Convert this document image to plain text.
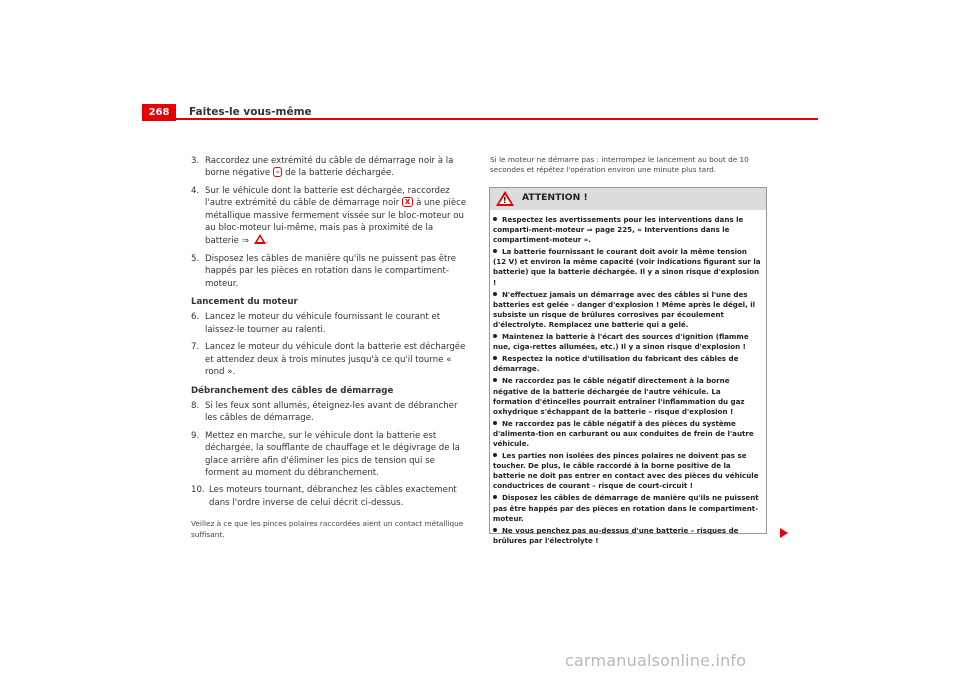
268	Faites-le vous-même
3. Raccordez une extrémité du câble de démarrage noir à la borne négative – de la batterie déchargée.
4. Sur le véhicule dont la batterie est déchargée, raccordez l'autre extrémité du câble de démarrage noir X à une pièce métallique massive fermement vissée sur le bloc-moteur ou au bloc-moteur lui-même, mais pas à proximité de la batterie ⇒ .
5. Disposez les câbles de manière qu'ils ne puissent pas être happés par les pièces en rotation dans le compartiment-moteur.
Lancement du moteur
6. Lancez le moteur du véhicule fournissant le courant et laissez-le tourner au ralenti.
7. Lancez le moteur du véhicule dont la batterie est déchargée et attendez deux à trois minutes jusqu'à ce qu'il tourne « rond ».
Débranchement des câbles de démarrage
8. Si les feux sont allumés, éteignez-les avant de débrancher les câbles de démarrage.
9. Mettez en marche, sur le véhicule dont la batterie est déchargée, la soufflante de chauffage et le dégivrage de la glace arrière afin d'éliminer les pics de tension qui se forment au moment du débranchement.
10. Les moteurs tournant, débranchez les câbles exactement dans l'ordre inverse de celui décrit ci-dessus.
Veillez à ce que les pinces polaires raccordées aient un contact métallique suffisant.
Si le moteur ne démarre pas : interrompez le lancement au bout de 10 secondes et répétez l'opération environ une minute plus tard.
! ATTENTION !
Respectez les avertissements pour les interventions dans le comparti-ment-moteur ⇒ page 225, « Interventions dans le compartiment-moteur ».
La batterie fournissant le courant doit avoir la même tension (12 V) et environ la même capacité (voir indications figurant sur la batterie) que la batterie déchargée. Il y a sinon risque d'explosion !
N'effectuez jamais un démarrage avec des câbles si l'une des batteries est gelée – danger d'explosion ! Même après le dégel, il subsiste un risque de brûlures corrosives par écoulement d'électrolyte. Remplacez une batterie qui a gelé.
Maintenez la batterie à l'écart des sources d'ignition (flamme nue, ciga-rettes allumées, etc.) Il y a sinon risque d'explosion !
Respectez la notice d'utilisation du fabricant des câbles de démarrage.
Ne raccordez pas le câble négatif directement à la borne négative de la batterie déchargée de l'autre véhicule. La formation d'étincelles pourrait entraîner l'inflammation du gaz oxhydrique s'échappant de la batterie – risque d'explosion !
Ne raccordez pas le câble négatif à des pièces du système d'alimenta-tion en carburant ou aux conduites de frein de l'autre véhicule.
Les parties non isolées des pinces polaires ne doivent pas se toucher. De plus, le câble raccordé à la borne positive de la batterie ne doit pas entrer en contact avec des pièces du véhicule conductrices de courant – risque de court-circuit !
Disposez les câbles de démarrage de manière qu'ils ne puissent pas être happés par des pièces en rotation dans le compartiment-moteur.
Ne vous penchez pas au-dessus d'une batterie – risques de brûlures par l'électrolyte !
carmanualsonline.info
